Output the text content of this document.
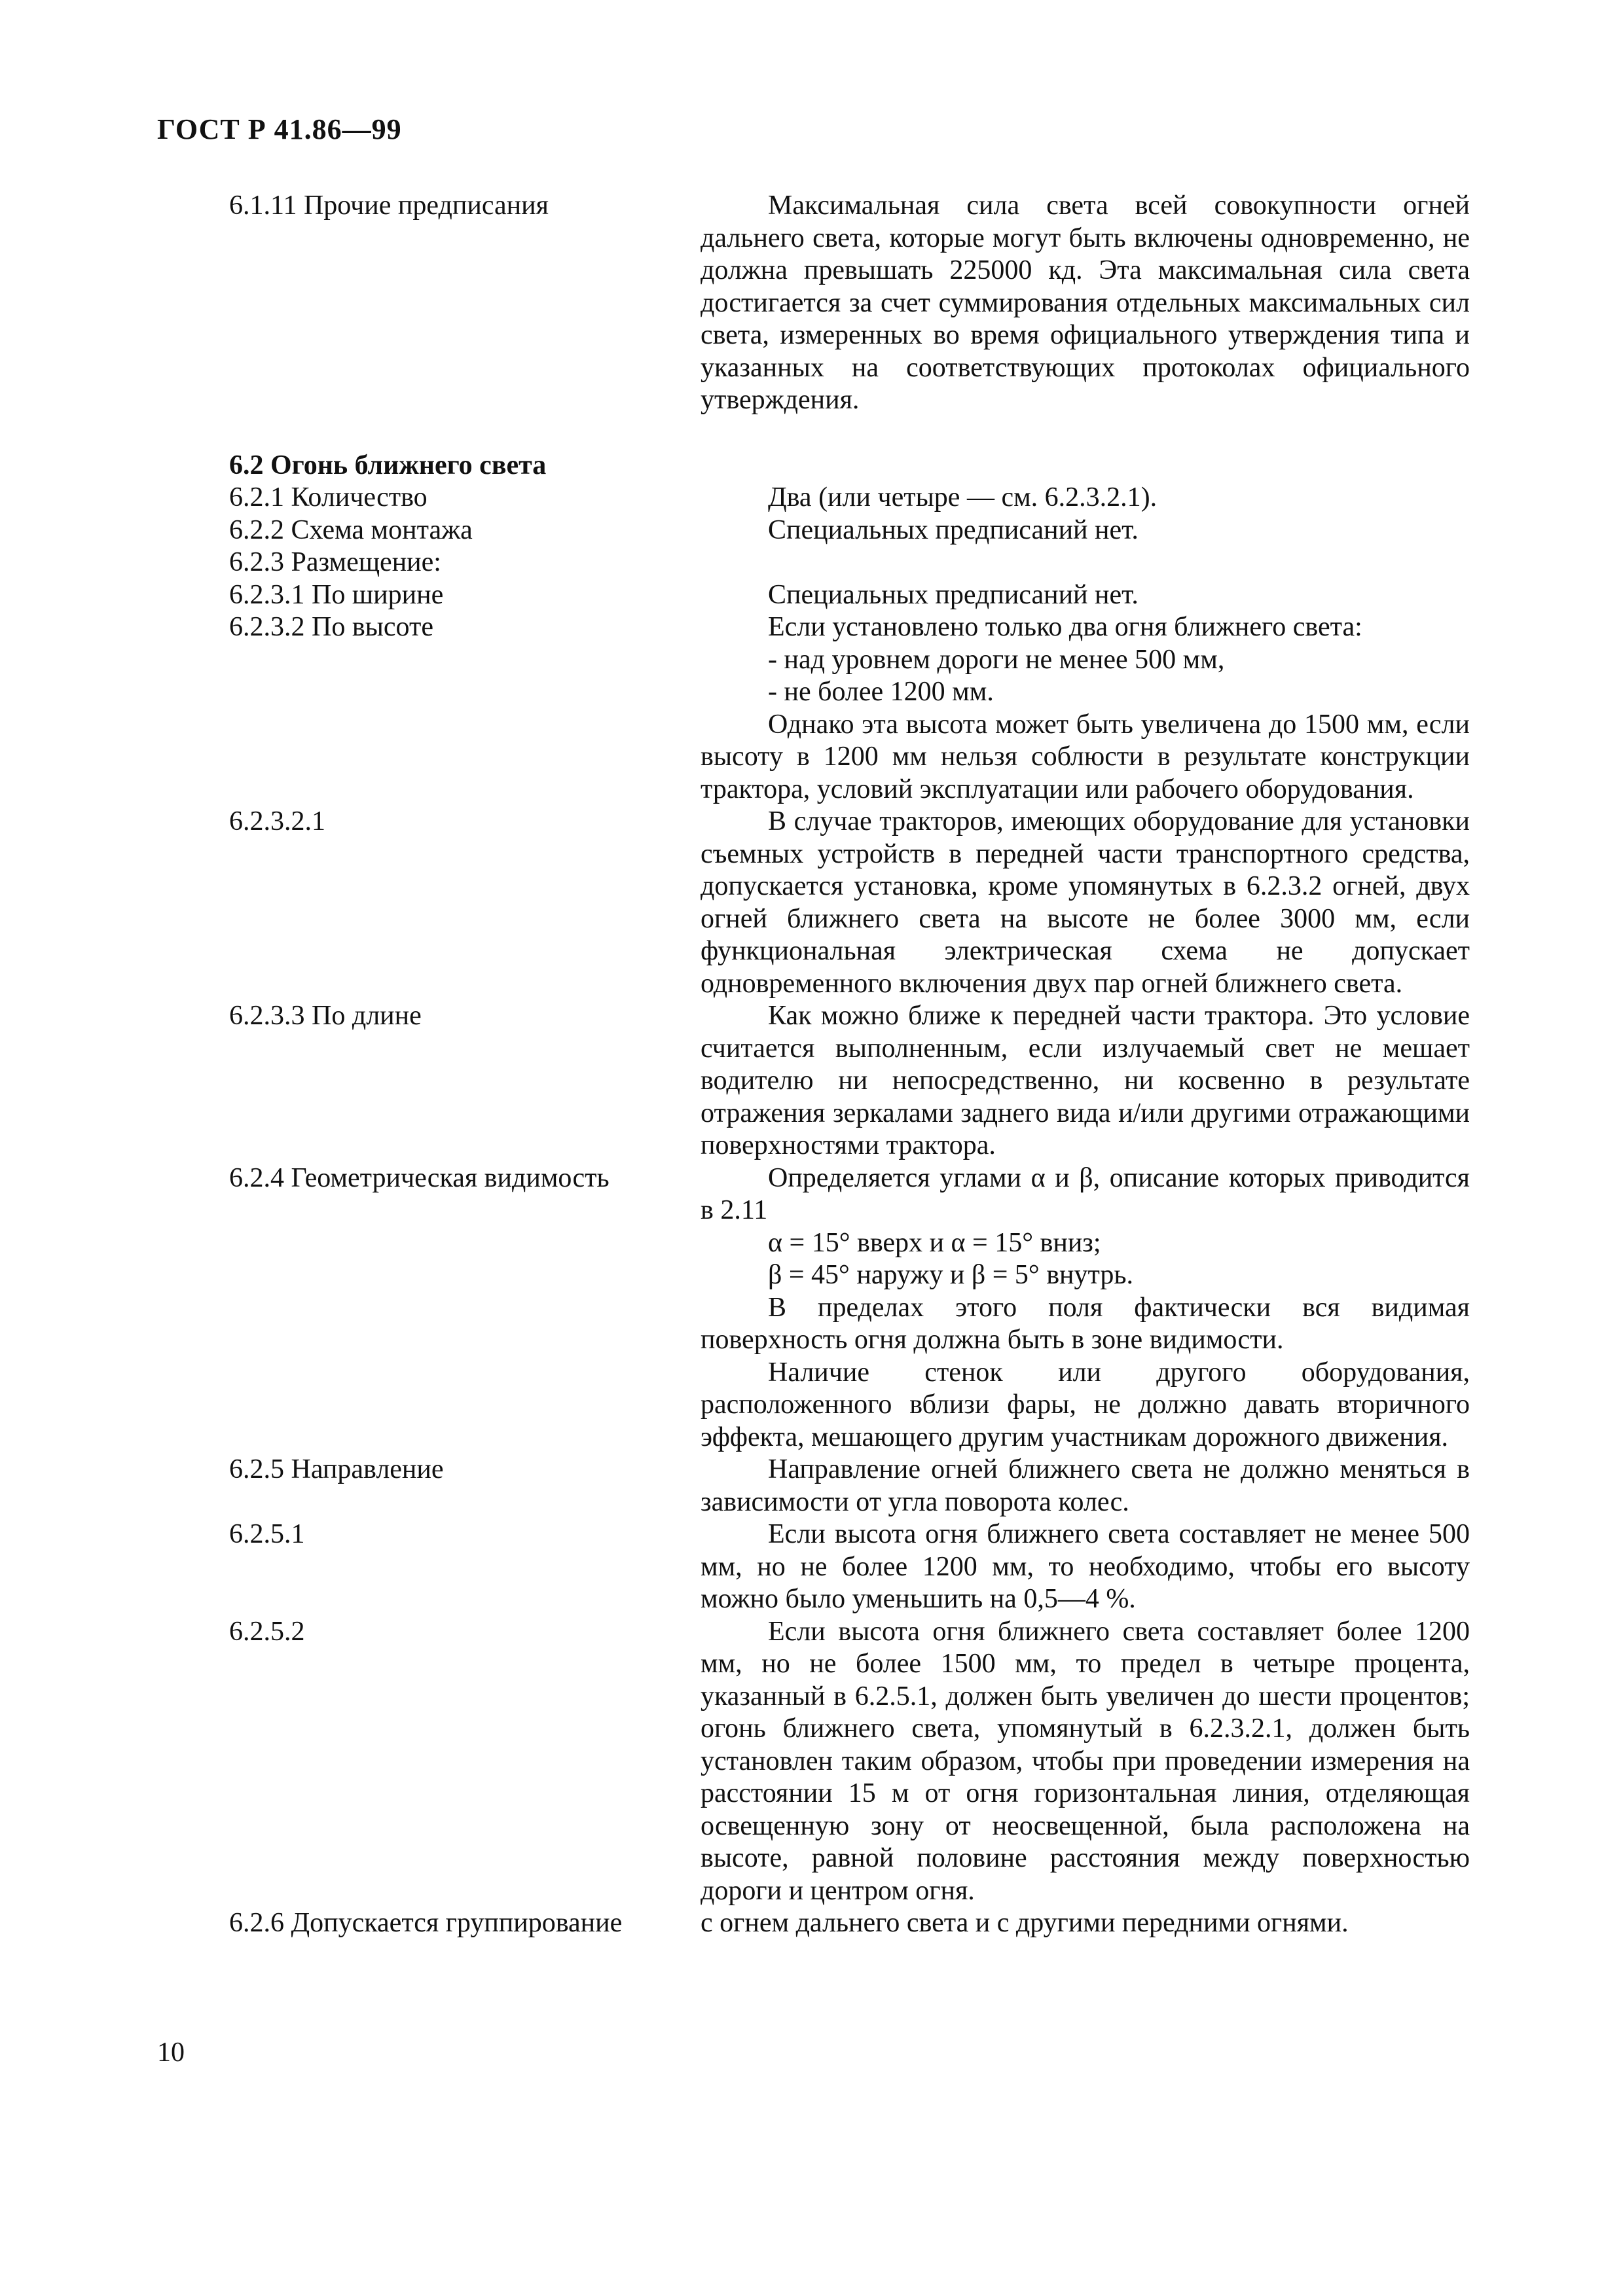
ГОСТ Р 41.86—99
6.1.11 Прочие предписания	Максимальная сила света всей совокупности огней дальнего света, которые могут быть включены одновременно, не должна превышать 225000 кд. Эта максимальная сила света достигается за счет суммирования отдельных максимальных сил света, измеренных во время официального утверждения типа и указанных на соответствующих протоколах официального утверждения.

6.2 Огонь ближнего света
6.2.1 Количество	Два (или четыре — см. 6.2.3.2.1).

6.2.2 Схема монтажа	Специальных предписаний нет.

6.2.3 Размещение:
6.2.3.1 По ширине	Специальных предписаний нет.

6.2.3.2 По высоте	Если установлено только два огня ближнего света:

- над уровнем дороги не менее 500 мм,

- не более 1200 мм.

Однако эта высота может быть увеличена до 1500 мм, если высоту в 1200 мм нельзя соблюсти в результате конструкции трактора, условий эксплуатации или рабочего оборудования.

6.2.3.2.1	В случае тракторов, имеющих оборудование для установки съемных устройств в передней части транспортного средства, допускается установка, кроме упомянутых в 6.2.3.2 огней, двух огней ближнего света на высоте не более 3000 мм, если функциональная электрическая схема не допускает одновременного включения двух пар огней ближнего света.

6.2.3.3 По длине	Как можно ближе к передней части трактора. Это условие считается выполненным, если излучаемый свет не мешает водителю ни непосредственно, ни косвенно в результате отражения зеркалами заднего вида и/или другими отражающими поверхностями трактора.

6.2.4 Геометрическая видимость	Определяется углами α и β, описание которых приводится в 2.11

α = 15° вверх и α = 15° вниз;

β = 45° наружу и β = 5° внутрь.

В пределах этого поля фактически вся видимая поверхность огня должна быть в зоне видимости.

Наличие стенок или другого оборудования, расположенного вблизи фары, не должно давать вторичного эффекта, мешающего другим участникам дорожного движения.

6.2.5 Направление	Направление огней ближнего света не должно меняться в зависимости от угла поворота колес.

6.2.5.1	Если высота огня ближнего света составляет не менее 500 мм, но не более 1200 мм, то необходимо, чтобы его высоту можно было уменьшить на 0,5—4 %.

6.2.5.2	Если высота огня ближнего света составляет более 1200 мм, но не более 1500 мм, то предел в четыре процента, указанный в 6.2.5.1, должен быть увеличен до шести процентов; огонь ближнего света, упомянутый в 6.2.3.2.1, должен быть установлен таким образом, чтобы при проведении измерения на расстоянии 15 м от огня горизонтальная линия, отделяющая освещенную зону от неосвещенной, была расположена на высоте, равной половине расстояния между поверхностью дороги и центром огня.

6.2.6 Допускается группирование	с огнем дальнего света и с другими передними огнями.

10
